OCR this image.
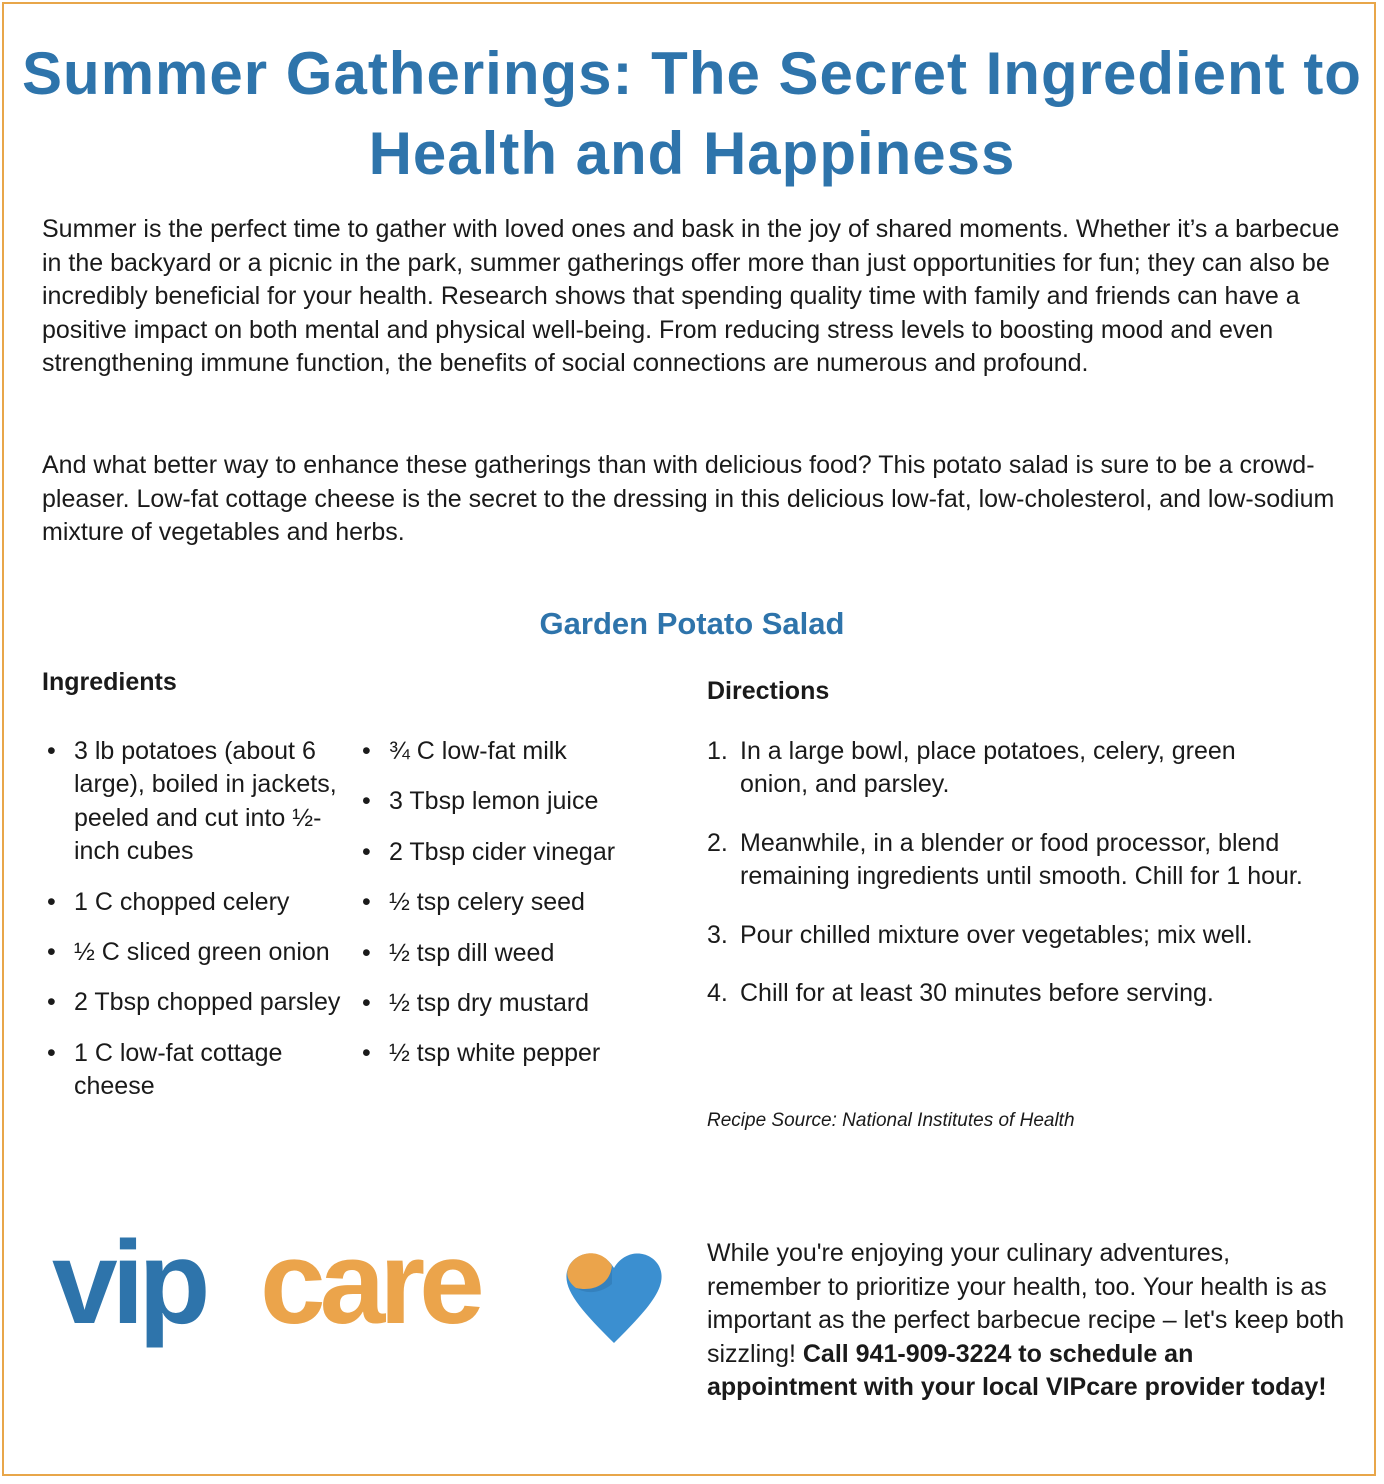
Summer Gatherings: The Secret Ingredient to Health and Happiness

Summer is the perfect time to gather with loved ones and bask in the joy of shared moments. Whether it’s a barbecue in the backyard or a picnic in the park, summer gatherings offer more than just opportunities for fun; they can also be incredibly beneficial for your health. Research shows that spending quality time with family and friends can have a positive impact on both mental and physical well-being. From reducing stress levels to boosting mood and even strengthening immune function, the benefits of social connections are numerous and profound.

And what better way to enhance these gatherings than with delicious food? This potato salad is sure to be a crowd-pleaser. Low-fat cottage cheese is the secret to the dressing in this delicious low-fat, low-cholesterol, and low-sodium mixture of vegetables and herbs.

Garden Potato Salad
Ingredients
• 3 lb potatoes (about 6 large), boiled in jackets, peeled and cut into ½-inch cubes
• 1 C chopped celery
• ½ C sliced green onion
• 2 Tbsp chopped parsley
• 1 C low-fat cottage cheese
• ¾ C low-fat milk
• 3 Tbsp lemon juice
• 2 Tbsp cider vinegar
• ½ tsp celery seed
• ½ tsp dill weed
• ½ tsp dry mustard
• ½ tsp white pepper
Directions
1. In a large bowl, place potatoes, celery, green onion, and parsley.
2. Meanwhile, in a blender or food processor, blend remaining ingredients until smooth. Chill for 1 hour.
3. Pour chilled mixture over vegetables; mix well.
4. Chill for at least 30 minutes before serving.

Recipe Source: National Institutes of Health

vip care	While you're enjoying your culinary adventures, remember to prioritize your health, too. Your health is as important as the perfect barbecue recipe – let's keep both sizzling! Call 941-909-3224 to schedule an appointment with your local VIPcare provider today!
